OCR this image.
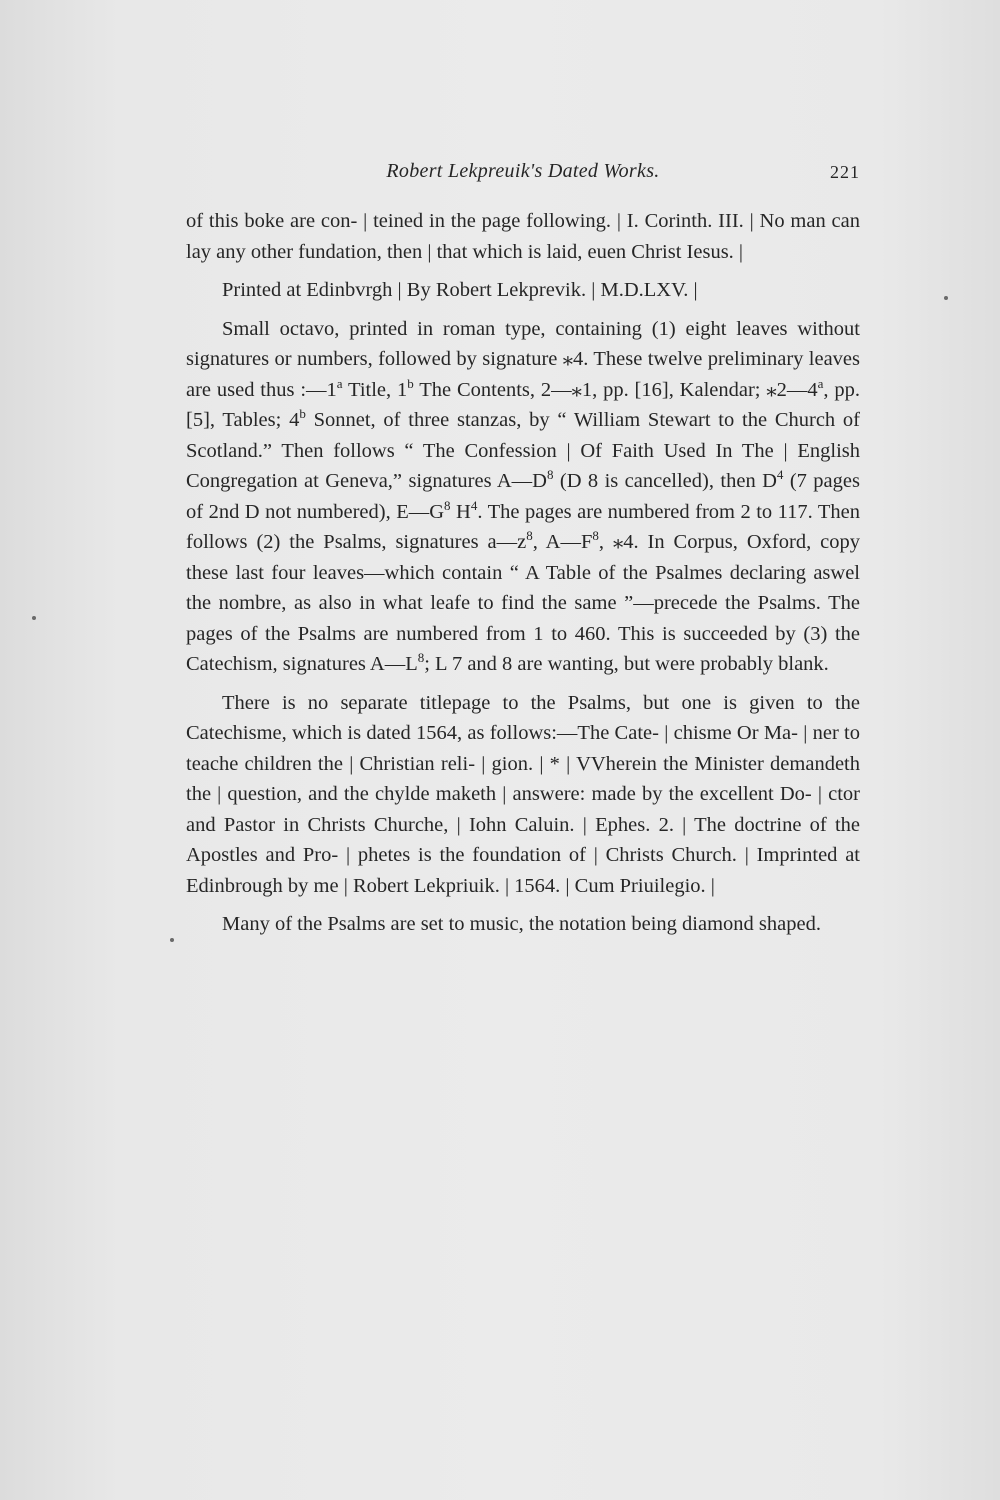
Robert Lekpreuik's Dated Works.	221

of this boke are con- | teined in the page following. | I. Corinth. III. | No man can lay any other fundation, then | that which is laid, euen Christ Iesus. |

Printed at Edinbvrgh | By Robert Lekprevik. | M.D.LXV. |

Small octavo, printed in roman type, containing (1) eight leaves without signatures or numbers, followed by signature ⁎4. These twelve preliminary leaves are used thus :—1$^a$ Title, 1$^b$ The Contents, 2—⁎1, pp. [16], Kalendar; ⁎2—4$^a$, pp. [5], Tables; 4$^b$ Sonnet, of three stanzas, by “ William Stewart to the Church of Scotland.” Then follows “ The Confession | Of Faith Used In The | English Congregation at Geneva,” signatures $A—D^8$ (D 8 is cancelled), then $D^4$ (7 pages of 2nd D not numbered), $E—G^8$ $H^4$. The pages are numbered from 2 to 117. Then follows (2) the Psalms, signatures $a—z^8$, $A—F^8$, ⁎4. In Corpus, Oxford, copy these last four leaves—which contain “ A Table of the Psalmes declaring aswel the nombre, as also in what leafe to find the same ”—precede the Psalms. The pages of the Psalms are numbered from 1 to 460. This is succeeded by (3) the Catechism, signatures $A—L^8$; L 7 and 8 are wanting, but were probably blank.

There is no separate titlepage to the Psalms, but one is given to the Catechisme, which is dated 1564, as follows:—The Cate- | chisme Or Ma- | ner to teache children the | Christian reli- | gion. | * | VVherein the Minister demandeth the | question, and the chylde maketh | answere: made by the excellent Do- | ctor and Pastor in Christs Churche, | Iohn Caluin. | Ephes. 2. | The doctrine of the Apostles and Pro- | phetes is the foundation of | Christs Church. | Imprinted at Edinbrough by me | Robert Lekpriuik. | 1564. | Cum Priuilegio. |

Many of the Psalms are set to music, the notation being diamond shaped.
